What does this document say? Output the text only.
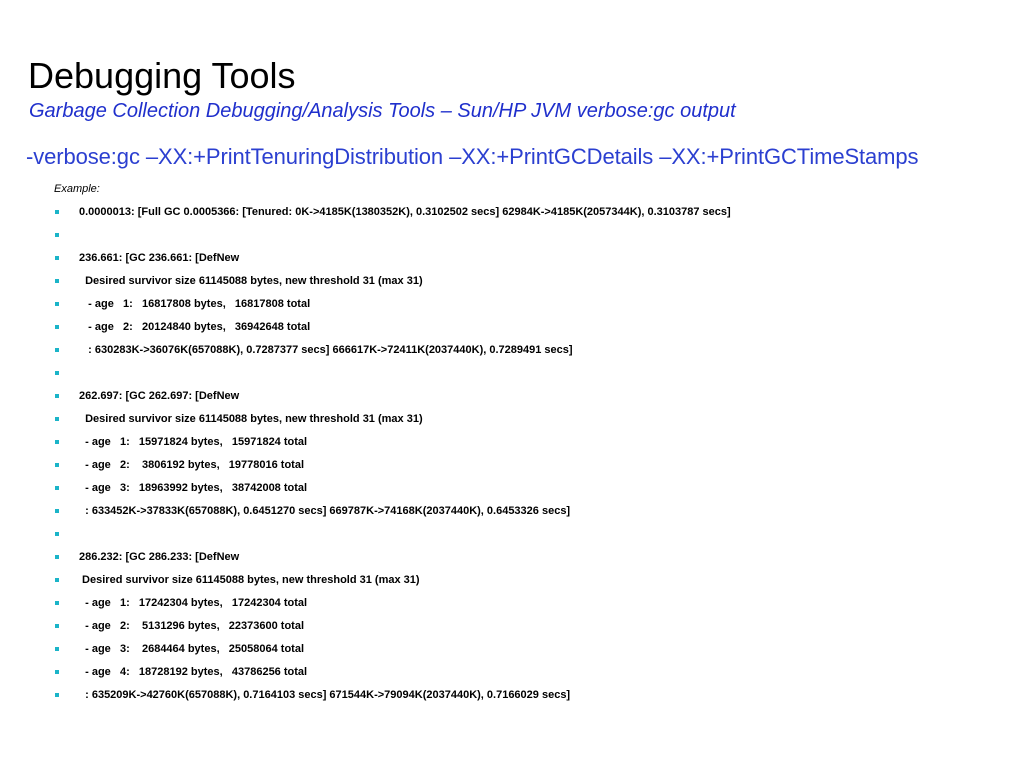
Debugging Tools
Garbage Collection Debugging/Analysis Tools – Sun/HP JVM verbose:gc output
-verbose:gc –XX:+PrintTenuringDistribution –XX:+PrintGCDetails –XX:+PrintGCTimeStamps
Example:
0.0000013: [Full GC 0.0005366: [Tenured: 0K->4185K(1380352K), 0.3102502 secs] 62984K->4185K(2057344K), 0.3103787 secs]
236.661: [GC 236.661: [DefNew
Desired survivor size 61145088 bytes, new threshold 31 (max 31)
- age   1:   16817808 bytes,   16817808 total
- age   2:   20124840 bytes,   36942648 total
: 630283K->36076K(657088K), 0.7287377 secs] 666617K->72411K(2037440K), 0.7289491 secs]
262.697: [GC 262.697: [DefNew
Desired survivor size 61145088 bytes, new threshold 31 (max 31)
- age   1:   15971824 bytes,   15971824 total
- age   2:    3806192 bytes,   19778016 total
- age   3:   18963992 bytes,   38742008 total
: 633452K->37833K(657088K), 0.6451270 secs] 669787K->74168K(2037440K), 0.6453326 secs]
286.232: [GC 286.233: [DefNew
Desired survivor size 61145088 bytes, new threshold 31 (max 31)
- age   1:   17242304 bytes,   17242304 total
- age   2:    5131296 bytes,   22373600 total
- age   3:    2684464 bytes,   25058064 total
- age   4:   18728192 bytes,   43786256 total
: 635209K->42760K(657088K), 0.7164103 secs] 671544K->79094K(2037440K), 0.7166029 secs]
